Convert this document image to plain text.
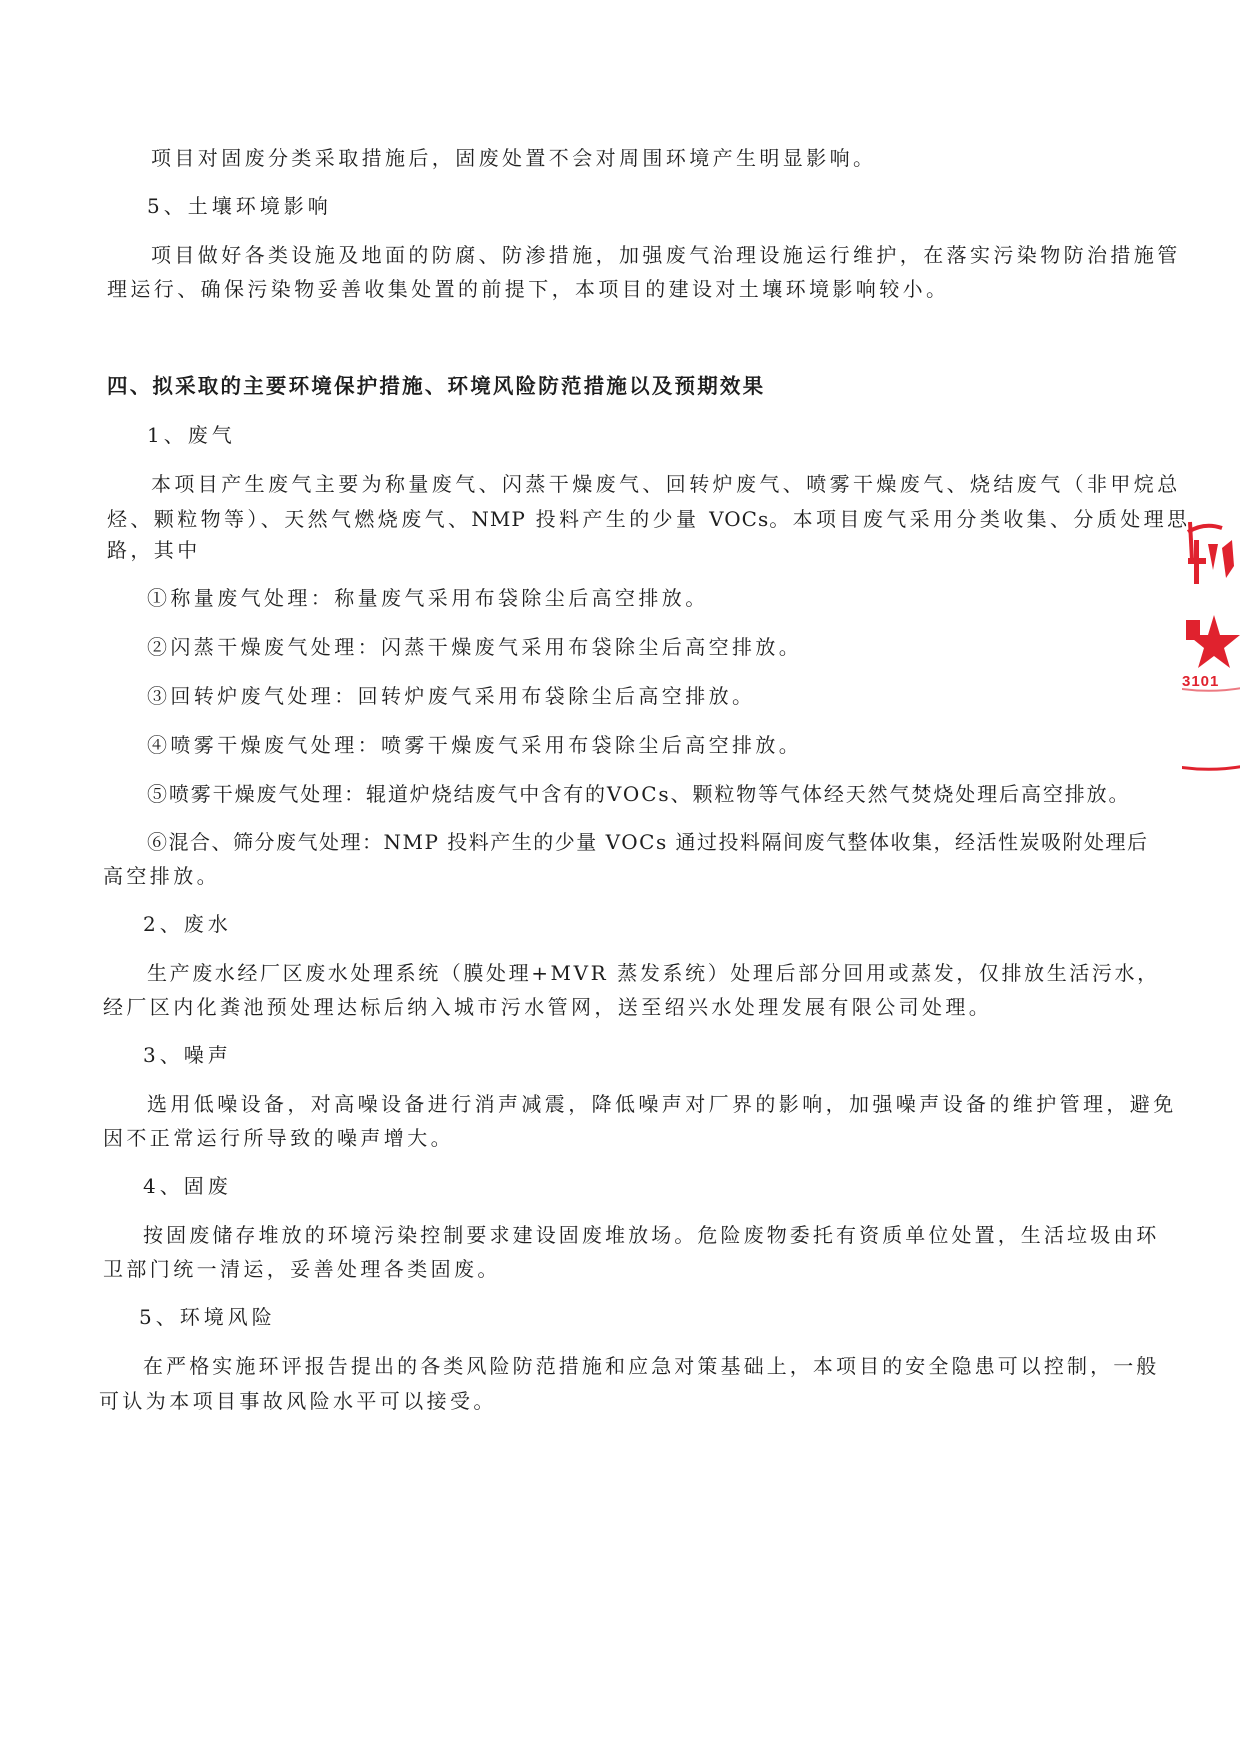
项目对固废分类采取措施后，固废处置不会对周围环境产生明显影响。
5、土壤环境影响
项目做好各类设施及地面的防腐、防渗措施，加强废气治理设施运行维护，在落实污染物防治措施管
理运行、确保污染物妥善收集处置的前提下，本项目的建设对土壤环境影响较小。
四、拟采取的主要环境保护措施、环境风险防范措施以及预期效果
1、废气
本项目产生废气主要为称量废气、闪蒸干燥废气、回转炉废气、喷雾干燥废气、烧结废气（非甲烷总
烃、颗粒物等）、天然气燃烧废气、NMP 投料产生的少量 VOCs。本项目废气采用分类收集、分质处理思
路，其中
①称量废气处理：称量废气采用布袋除尘后高空排放。
②闪蒸干燥废气处理：闪蒸干燥废气采用布袋除尘后高空排放。
③回转炉废气处理：回转炉废气采用布袋除尘后高空排放。
④喷雾干燥废气处理：喷雾干燥废气采用布袋除尘后高空排放。
⑤喷雾干燥废气处理：辊道炉烧结废气中含有的VOCs、颗粒物等气体经天然气焚烧处理后高空排放。
⑥混合、筛分废气处理：NMP 投料产生的少量 VOCs 通过投料隔间废气整体收集，经活性炭吸附处理后
高空排放。
2、废水
生产废水经厂区废水处理系统（膜处理+MVR 蒸发系统）处理后部分回用或蒸发，仅排放生活污水，
经厂区内化粪池预处理达标后纳入城市污水管网，送至绍兴水处理发展有限公司处理。
3、噪声
选用低噪设备，对高噪设备进行消声减震，降低噪声对厂界的影响，加强噪声设备的维护管理，避免
因不正常运行所导致的噪声增大。
4、固废
按固废储存堆放的环境污染控制要求建设固废堆放场。危险废物委托有资质单位处置，生活垃圾由环
卫部门统一清运，妥善处理各类固废。
5、环境风险
在严格实施环评报告提出的各类风险防范措施和应急对策基础上，本项目的安全隐患可以控制，一般
可认为本项目事故风险水平可以接受。
3101
